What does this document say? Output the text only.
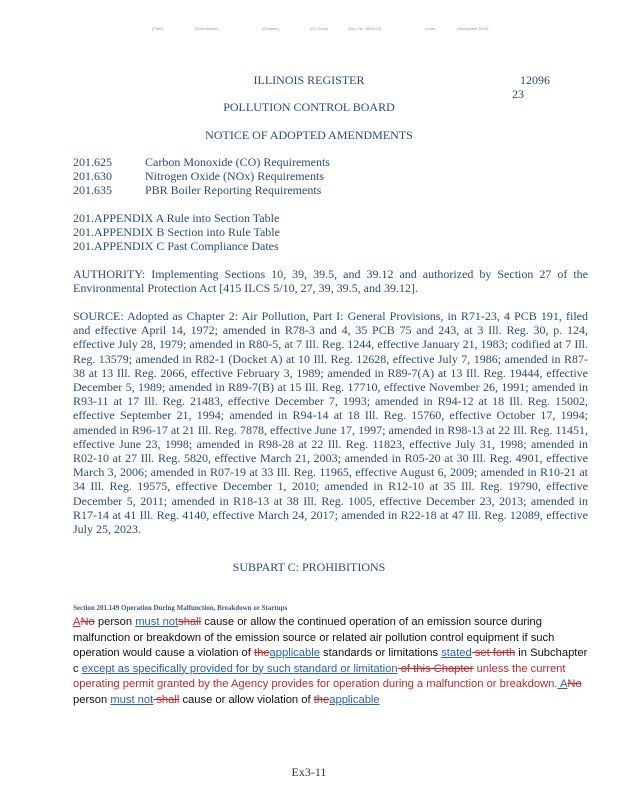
(Filler)	(Description)	(Chapter)	(Ch Ends)	(Rev. No. 06/2019)	(Line)	(Workplace 2019)
ILLINOIS REGISTER	12096
23
POLLUTION CONTROL BOARD
NOTICE OF ADOPTED AMENDMENTS
201.625	Carbon Monoxide (CO) Requirements
201.630	Nitrogen Oxide (NOx) Requirements
201.635	PBR Boiler Reporting Requirements
201.APPENDIX A Rule into Section Table
201.APPENDIX B Section into Rule Table
201.APPENDIX C Past Compliance Dates
AUTHORITY: Implementing Sections 10, 39, 39.5, and 39.12 and authorized by Section 27 of the Environmental Protection Act [415 ILCS 5/10, 27, 39, 39.5, and 39.12].
SOURCE: Adopted as Chapter 2: Air Pollution, Part I: General Provisions, in R71-23, 4 PCB 191, filed and effective April 14, 1972; amended in R78-3 and 4, 35 PCB 75 and 243, at 3 Ill. Reg. 30, p. 124, effective July 28, 1979; amended in R80-5, at 7 Ill. Reg. 1244, effective January 21, 1983; codified at 7 Ill. Reg. 13579; amended in R82-1 (Docket A) at 10 Ill. Reg. 12628, effective July 7, 1986; amended in R87-38 at 13 Ill. Reg. 2066, effective February 3, 1989; amended in R89-7(A) at 13 Ill. Reg. 19444, effective December 5, 1989; amended in R89-7(B) at 15 Ill. Reg. 17710, effective November 26, 1991; amended in R93-11 at 17 Ill. Reg. 21483, effective December 7, 1993; amended in R94-12 at 18 Ill. Reg. 15002, effective September 21, 1994; amended in R94-14 at 18 Ill. Reg. 15760, effective October 17, 1994; amended in R96-17 at 21 Ill. Reg. 7878, effective June 17, 1997; amended in R98-13 at 22 Ill. Reg. 11451, effective June 23, 1998; amended in R98-28 at 22 Ill. Reg. 11823, effective July 31, 1998; amended in R02-10 at 27 Ill. Reg. 5820, effective March 21, 2003; amended in R05-20 at 30 Ill. Reg. 4901, effective March 3, 2006; amended in R07-19 at 33 Ill. Reg. 11965, effective August 6, 2009; amended in R10-21 at 34 Ill. Reg. 19575, effective December 1, 2010; amended in R12-10 at 35 Ill. Reg. 19790, effective December 5, 2011; amended in R18-13 at 38 Ill. Reg. 1005, effective December 23, 2013; amended in R17-14 at 41 Ill. Reg. 4140, effective March 24, 2017; amended in R22-18 at 47 Ill. Reg. 12089, effective July 25, 2023.
SUBPART C: PROHIBITIONS
Section 201.149 Operation During Malfunction, Breakdown or Startups
ANo person must notshall cause or allow the continued operation of an emission source during malfunction or breakdown of the emission source or related air pollution control equipment if such operation would cause a violation of theapplicable standards or limitations stated set forth in Subchapter c except as specifically provided for by such standard or limitation of this Chapter unless the current operating permit granted by the Agency provides for operation during a malfunction or breakdown. ANo person must not shall cause or allow violation of theapplicable
Ex3-11
